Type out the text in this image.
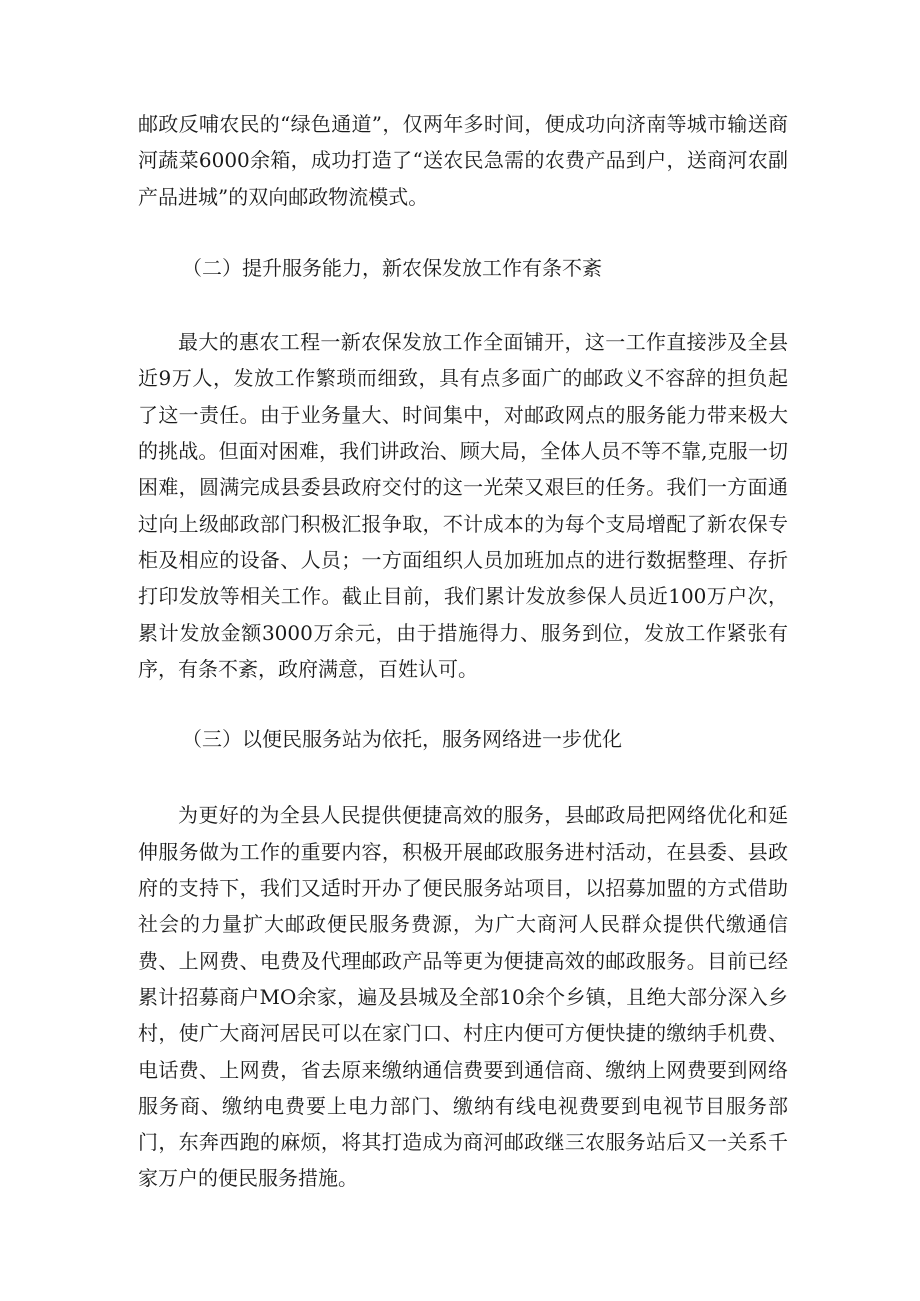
邮政反哺农民的“绿色通道”，仅两年多时间，便成功向济南等城市输送商河蔬菜6000余箱，成功打造了“送农民急需的农费产品到户，送商河农副产品进城”的双向邮政物流模式。

（二）提升服务能力，新农保发放工作有条不紊

最大的惠农工程一新农保发放工作全面铺开，这一工作直接涉及全县近9万人，发放工作繁琐而细致，具有点多面广的邮政义不容辞的担负起了这一责任。由于业务量大、时间集中，对邮政网点的服务能力带来极大的挑战。但面对困难，我们讲政治、顾大局，全体人员不等不靠,克服一切困难，圆满完成县委县政府交付的这一光荣又艰巨的任务。我们一方面通过向上级邮政部门积极汇报争取，不计成本的为每个支局增配了新农保专柜及相应的设备、人员；一方面组织人员加班加点的进行数据整理、存折打印发放等相关工作。截止目前，我们累计发放参保人员近100万户次，累计发放金额3000万余元，由于措施得力、服务到位，发放工作紧张有序，有条不紊，政府满意，百姓认可。

（三）以便民服务站为依托，服务网络进一步优化

为更好的为全县人民提供便捷高效的服务，县邮政局把网络优化和延伸服务做为工作的重要内容，积极开展邮政服务进村活动，在县委、县政府的支持下，我们又适时开办了便民服务站项目，以招募加盟的方式借助社会的力量扩大邮政便民服务费源，为广大商河人民群众提供代缴通信费、上网费、电费及代理邮政产品等更为便捷高效的邮政服务。目前已经累计招募商户MO余家，遍及县城及全部10余个乡镇，且绝大部分深入乡村，使广大商河居民可以在家门口、村庄内便可方便快捷的缴纳手机费、电话费、上网费，省去原来缴纳通信费要到通信商、缴纳上网费要到网络服务商、缴纳电费要上电力部门、缴纳有线电视费要到电视节目服务部门，东奔西跑的麻烦，将其打造成为商河邮政继三农服务站后又一关系千家万户的便民服务措施。
